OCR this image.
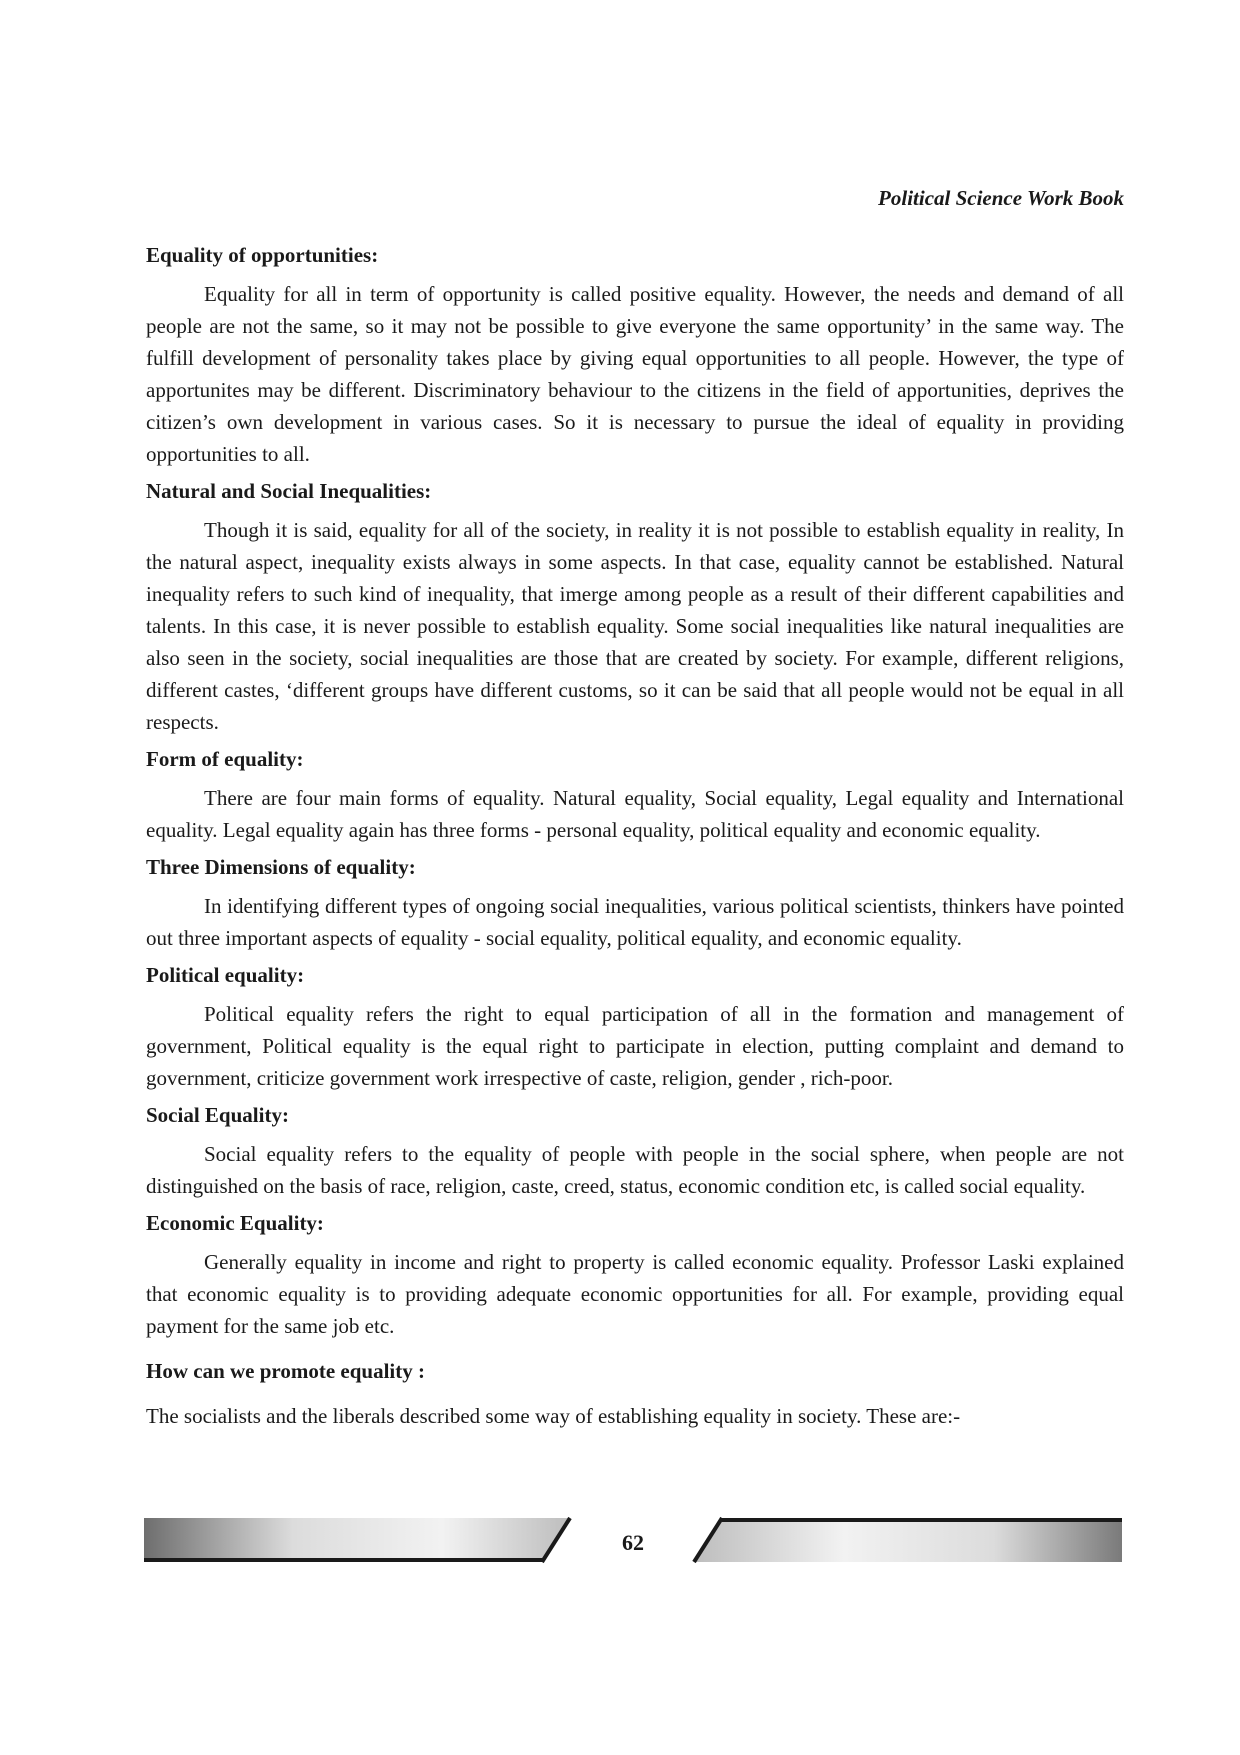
Political Science Work Book
Equality of opportunities:

Equality for all in term of opportunity is called positive equality. However, the needs and demand of all people are not the same, so it may not be possible to give everyone the same opportunity’ in the same way. The fulfill development of personality takes place by giving equal opportunities to all people. However, the type of apportunites may be different. Discriminatory behaviour to the citizens in the field of apportunities, deprives the citizen’s own development in various cases. So it is necessary to pursue the ideal of equality in providing opportunities to all.

Natural and Social Inequalities:

Though it is said, equality for all of the society, in reality it is not possible to establish equality in reality, In the natural aspect, inequality exists always in some aspects. In that case, equality cannot be established. Natural inequality refers to such kind of inequality, that imerge among people as a result of their different capabilities and talents. In this case, it is never possible to establish equality. Some social inequalities like natural inequalities are also seen in the society, social inequalities are those that are created by society. For example, different religions, different castes, ‘different groups have different customs, so it can be said that all people would not be equal in all respects.

Form of equality:

There are four main forms of equality. Natural equality, Social equality, Legal equality and International equality. Legal equality again has three forms - personal equality, political equality and economic equality.

Three Dimensions of equality:

In identifying different types of ongoing social inequalities, various political scientists, thinkers have pointed out three important aspects of equality - social equality, political equality, and economic equality.

Political equality:

Political equality refers the right to equal participation of all in the formation and management of government, Political equality is the equal right to participate in election, putting complaint and demand to government, criticize government work irrespective of caste, religion, gender , rich-poor.

Social Equality:

Social equality refers to the equality of people with people in the social sphere, when people are not distinguished on the basis of race, religion, caste, creed, status, economic condition etc, is called social equality.

Economic Equality:

Generally equality in income and right to property is called economic equality. Professor Laski explained that economic equality is to providing adequate economic opportunities for all. For example, providing equal payment for the same job etc.

How can we promote equality :

The socialists and the liberals described some way of establishing equality in society. These are:-

62
